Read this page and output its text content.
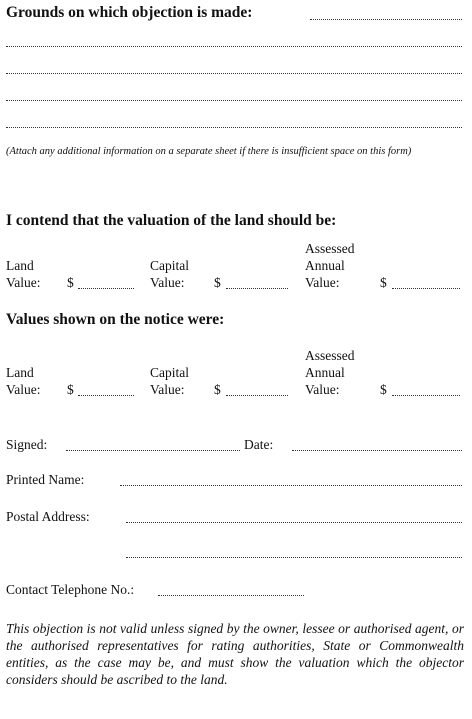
Grounds on which objection is made:
(Attach any additional information on a separate sheet if there is insufficient space on this form)
I contend that the valuation of the land should be:
Assessed
Land	Capital	Annual
Value: $	Value: $	Value:	$
Values shown on the notice were:
Assessed
Land	Capital	Annual
Value: $	Value: $	Value:	$
Signed:	Date:
Printed Name:
Postal Address:
Contact Telephone No.:
This objection is not valid unless signed by the owner, lessee or authorised agent, or the authorised representatives for rating authorities, State or Commonwealth entities, as the case may be, and must show the valuation which the objector considers should be ascribed to the land.
